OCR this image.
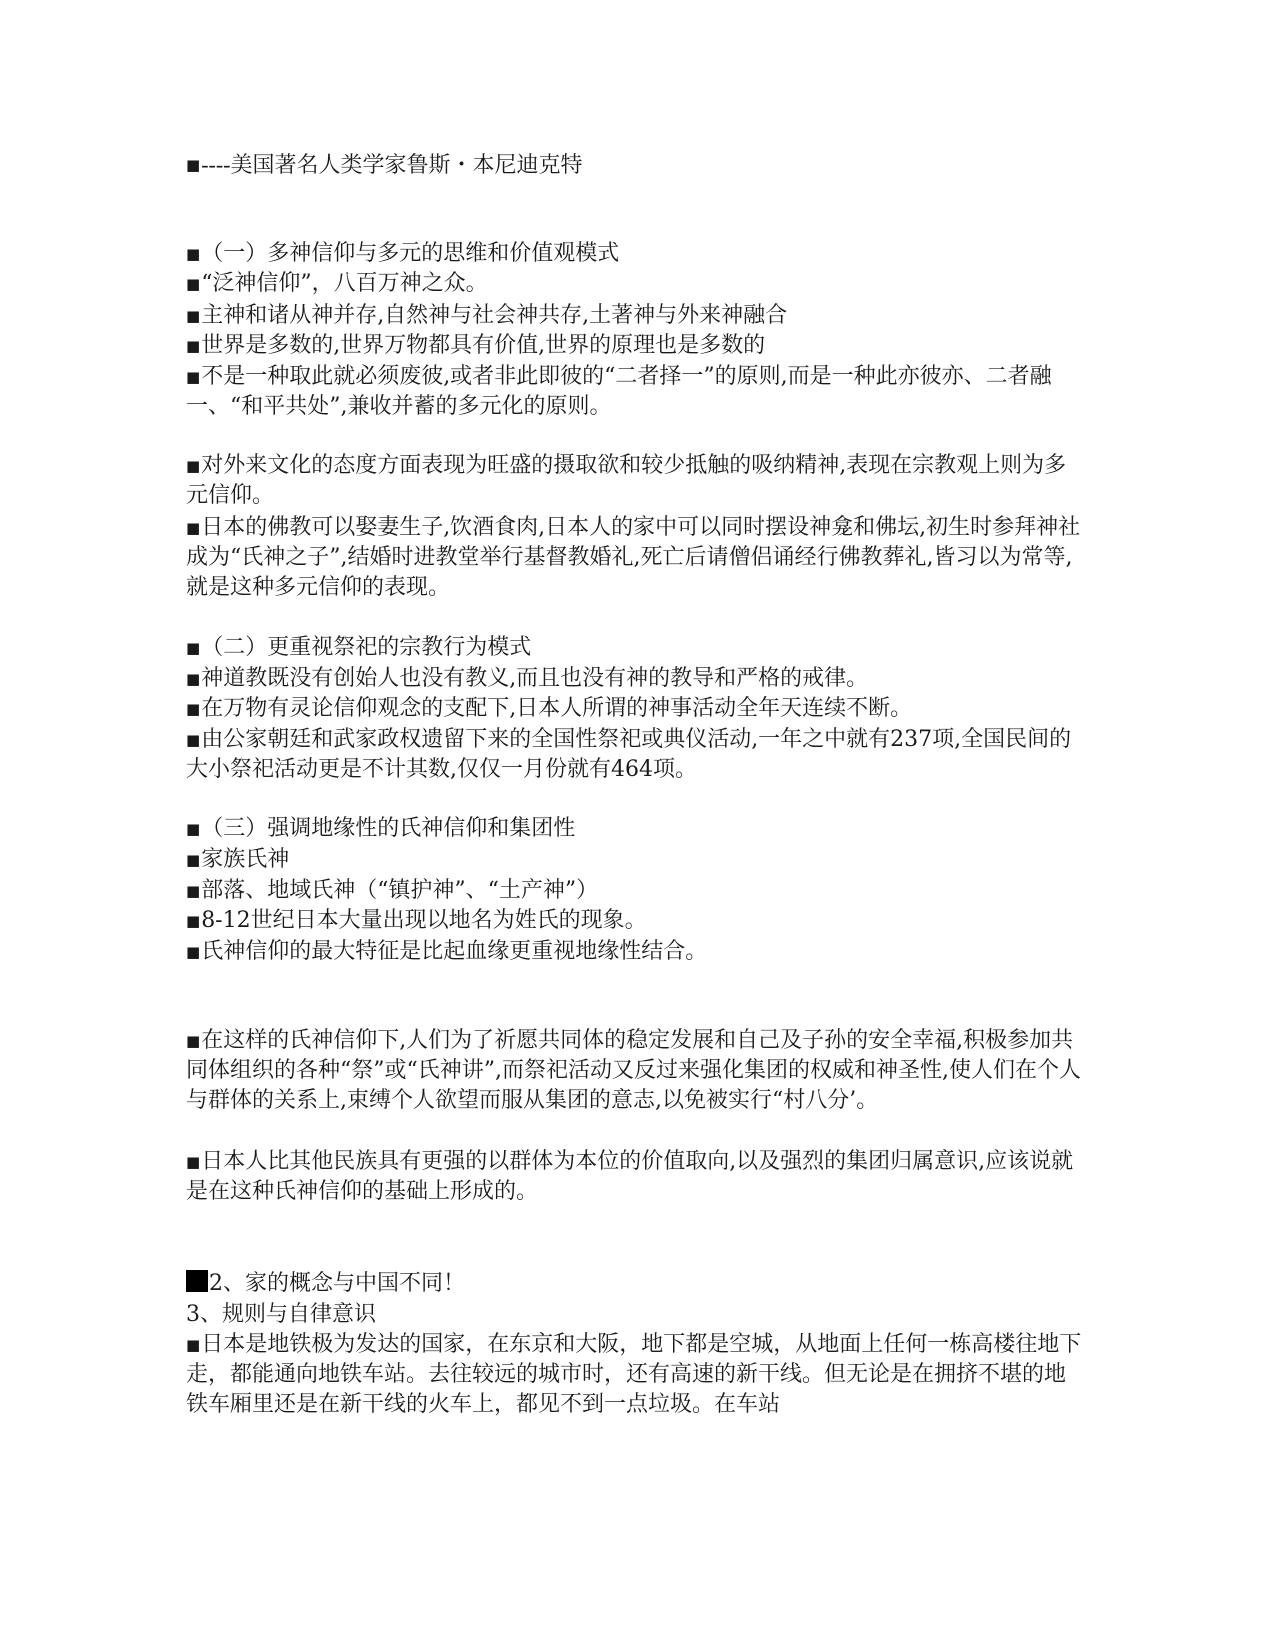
■----美国著名人类学家鲁斯・本尼迪克特
■（一）多神信仰与多元的思维和价值观模式
■“泛神信仰”，八百万神之众。
■主神和诸从神并存,自然神与社会神共存,土著神与外来神融合
■世界是多数的,世界万物都具有价值,世界的原理也是多数的
■不是一种取此就必须废彼,或者非此即彼的“二者择一”的原则,而是一种此亦彼亦、二者融一、“和平共处”,兼收并蓄的多元化的原则。
■对外来文化的态度方面表现为旺盛的摄取欲和较少抵触的吸纳精神,表现在宗教观上则为多元信仰。
■日本的佛教可以娶妻生子,饮酒食肉,日本人的家中可以同时摆设神龛和佛坛,初生时参拜神社成为“氏神之子”,结婚时进教堂举行基督教婚礼,死亡后请僧侣诵经行佛教葬礼,皆习以为常等,就是这种多元信仰的表现。
■（二）更重视祭祀的宗教行为模式
■神道教既没有创始人也没有教义,而且也没有神的教导和严格的戒律。
■在万物有灵论信仰观念的支配下,日本人所谓的神事活动全年天连续不断。
■由公家朝廷和武家政权遗留下来的全国性祭祀或典仪活动,一年之中就有237项,全国民间的大小祭祀活动更是不计其数,仅仅一月份就有464项。
■（三）强调地缘性的氏神信仰和集团性
■家族氏神
■部落、地域氏神（“镇护神”、“土产神”）
■8-12世纪日本大量出现以地名为姓氏的现象。
■氏神信仰的最大特征是比起血缘更重视地缘性结合。
■在这样的氏神信仰下,人们为了祈愿共同体的稳定发展和自己及子孙的安全幸福,积极参加共同体组织的各种“祭”或“氏神讲”,而祭祀活动又反过来强化集团的权威和神圣性,使人们在个人与群体的关系上,束缚个人欲望而服从集团的意志,以免被实行“村八分’。
■日本人比其他民族具有更强的以群体为本位的价值取向,以及强烈的集团归属意识,应该说就是在这种氏神信仰的基础上形成的。
2、家的概念与中国不同！
3、规则与自律意识
■日本是地铁极为发达的国家，在东京和大阪，地下都是空城，从地面上任何一栋高楼往地下走，都能通向地铁车站。去往较远的城市时，还有高速的新干线。但无论是在拥挤不堪的地铁车厢里还是在新干线的火车上，都见不到一点垃圾。在车站
